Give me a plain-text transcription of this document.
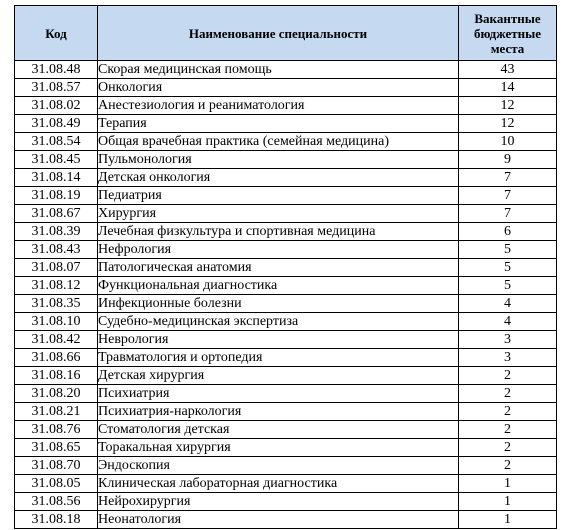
Код	Наименование специальности	Вакантные бюджетные места
31.08.48	Скорая медицинская помощь	43
31.08.57	Онкология	14
31.08.02	Анестезиология и реаниматология	12
31.08.49	Терапия	12
31.08.54	Общая врачебная практика (семейная медицина)	10
31.08.45	Пульмонология	9
31.08.14	Детская онкология	7
31.08.19	Педиатрия	7
31.08.67	Хирургия	7
31.08.39	Лечебная физкультура и спортивная медицина	6
31.08.43	Нефрология	5
31.08.07	Патологическая анатомия	5
31.08.12	Функциональная диагностика	5
31.08.35	Инфекционные болезни	4
31.08.10	Судебно-медицинская экспертиза	4
31.08.42	Неврология	3
31.08.66	Травматология и ортопедия	3
31.08.16	Детская хирургия	2
31.08.20	Психиатрия	2
31.08.21	Психиатрия-наркология	2
31.08.76	Стоматология детская	2
31.08.65	Торакальная хирургия	2
31.08.70	Эндоскопия	2
31.08.05	Клиническая лабораторная диагностика	1
31.08.56	Нейрохирургия	1
31.08.18	Неонатология	1
